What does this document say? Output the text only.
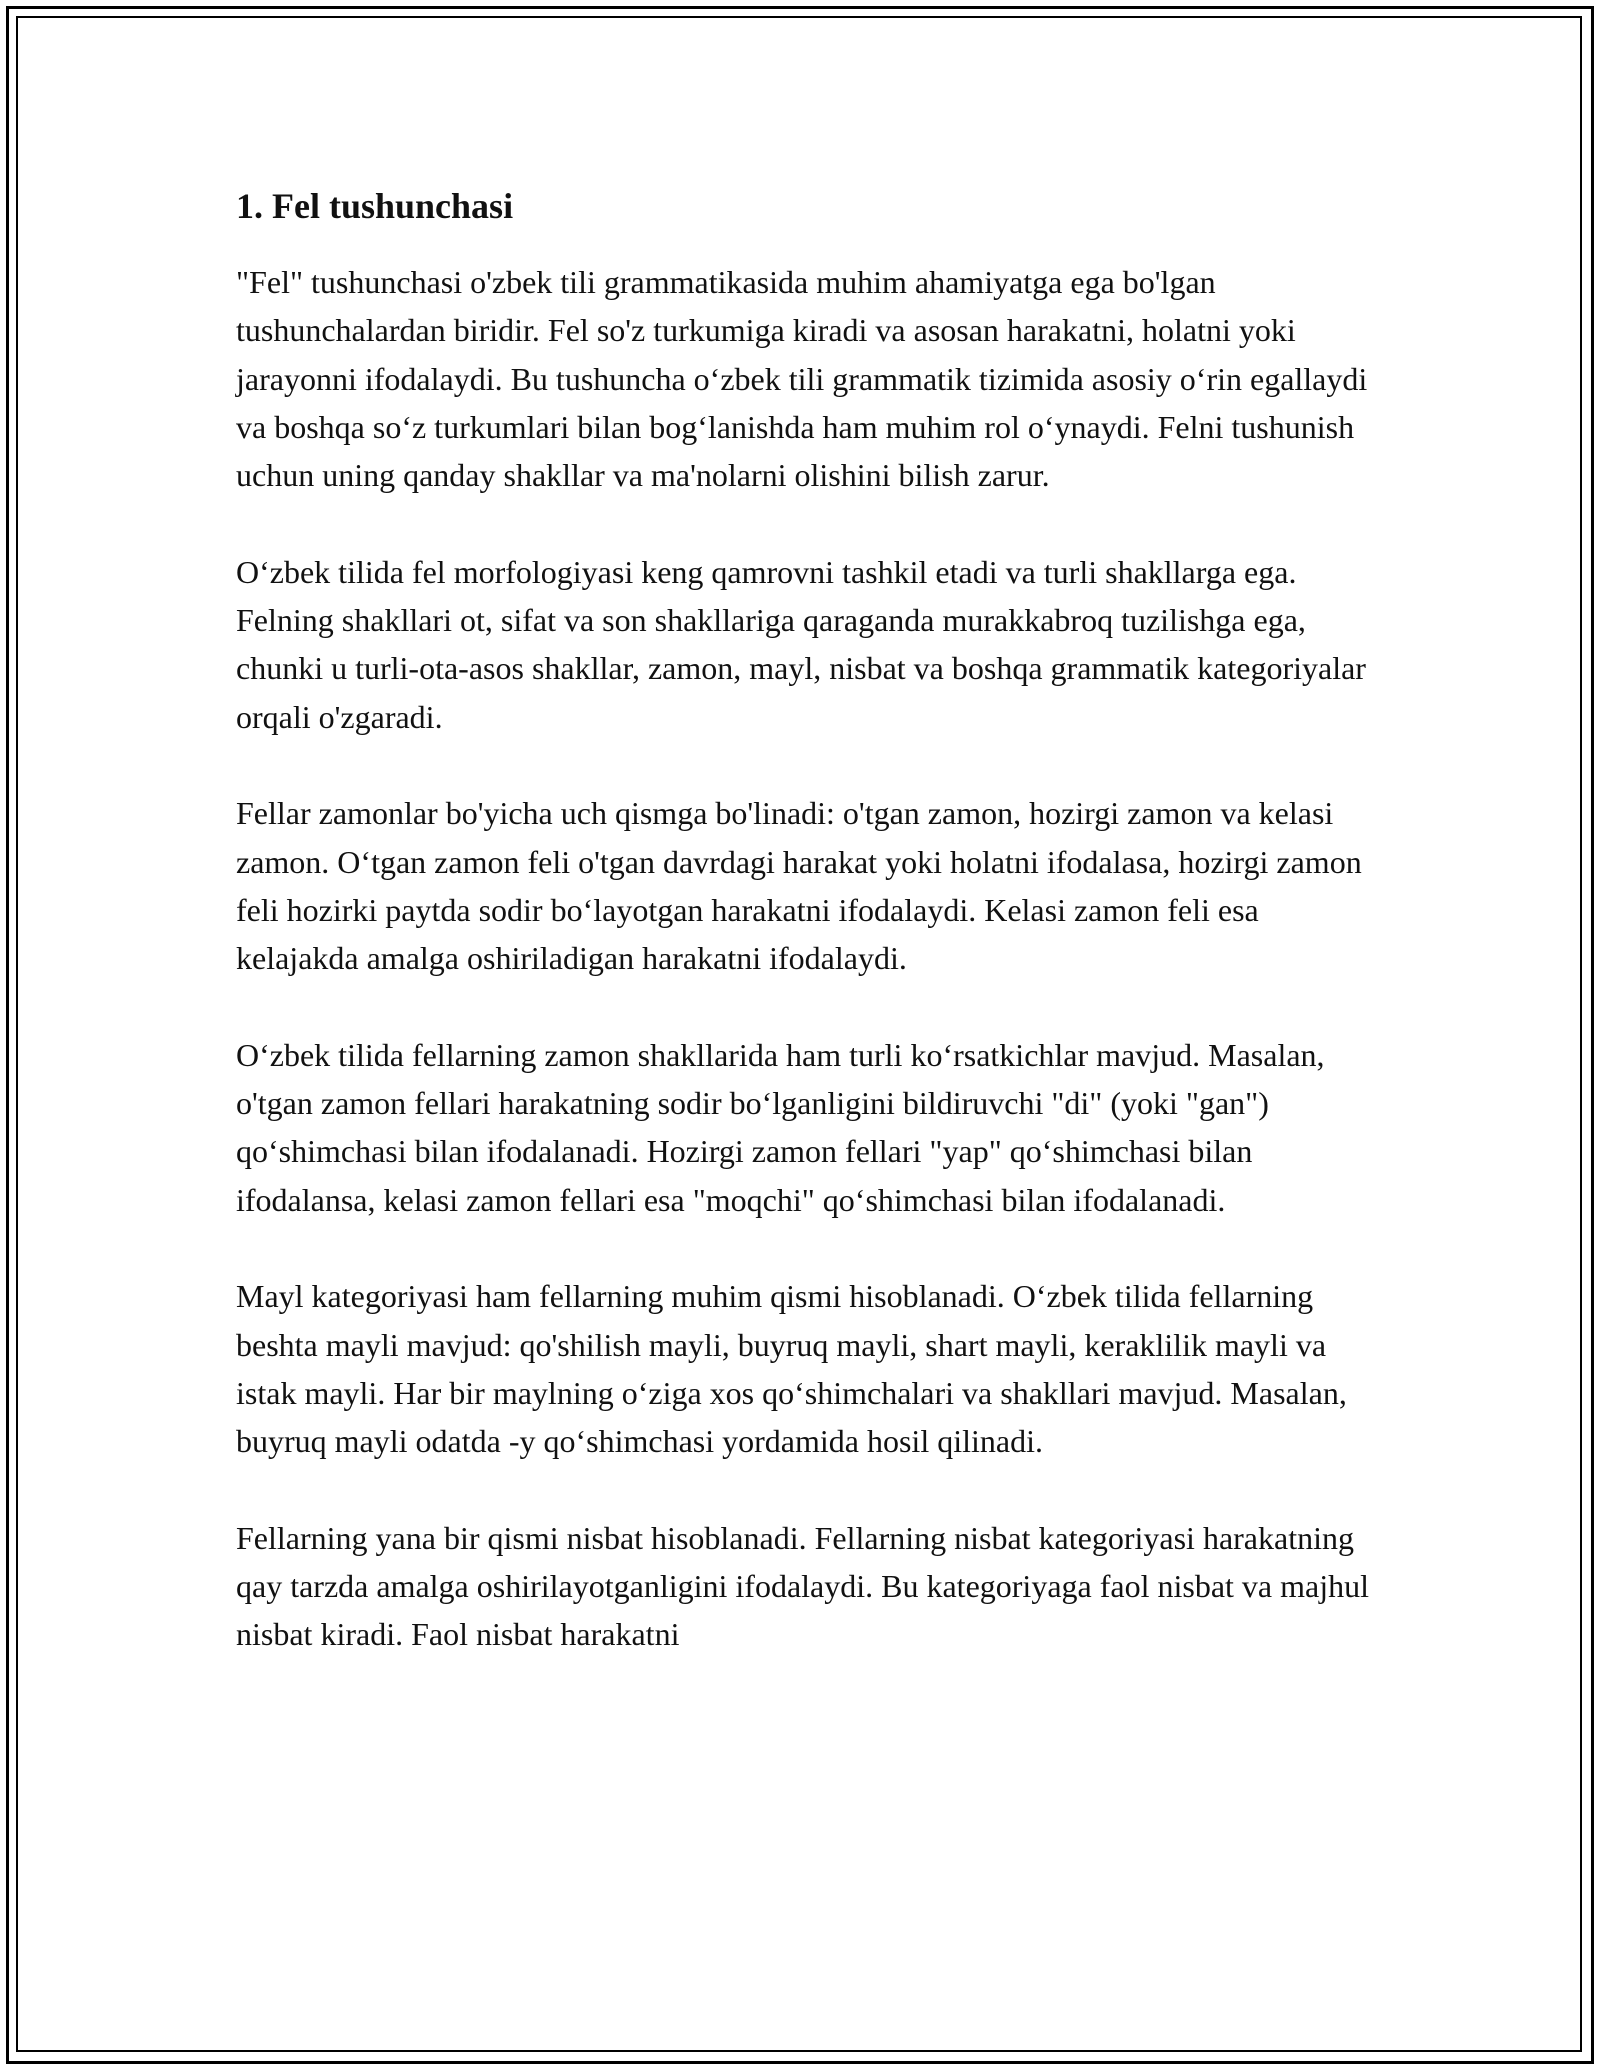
1. Fel tushunchasi

"Fel" tushunchasi o'zbek tili grammatikasida muhim ahamiyatga ega bo'lgan tushunchalardan biridir. Fel so'z turkumiga kiradi va asosan harakatni, holatni yoki jarayonni ifodalaydi. Bu tushuncha o‘zbek tili grammatik tizimida asosiy o‘rin egallaydi va boshqa so‘z turkumlari bilan bog‘lanishda ham muhim rol o‘ynaydi. Felni tushunish uchun uning qanday shakllar va ma'nolarni olishini bilish zarur.

O‘zbek tilida fel morfologiyasi keng qamrovni tashkil etadi va turli shakllarga ega. Felning shakllari ot, sifat va son shakllariga qaraganda murakkabroq tuzilishga ega, chunki u turli-ota-asos shakllar, zamon, mayl, nisbat va boshqa grammatik kategoriyalar orqali o'zgaradi.

Fellar zamonlar bo'yicha uch qismga bo'linadi: o'tgan zamon, hozirgi zamon va kelasi zamon. O‘tgan zamon feli o'tgan davrdagi harakat yoki holatni ifodalasa, hozirgi zamon feli hozirki paytda sodir bo‘layotgan harakatni ifodalaydi. Kelasi zamon feli esa kelajakda amalga oshiriladigan harakatni ifodalaydi.

O‘zbek tilida fellarning zamon shakllarida ham turli ko‘rsatkichlar mavjud. Masalan, o'tgan zamon fellari harakatning sodir bo‘lganligini bildiruvchi "di" (yoki "gan") qo‘shimchasi bilan ifodalanadi. Hozirgi zamon fellari "yap" qo‘shimchasi bilan ifodalansa, kelasi zamon fellari esa "moqchi" qo‘shimchasi bilan ifodalanadi.

Mayl kategoriyasi ham fellarning muhim qismi hisoblanadi. O‘zbek tilida fellarning beshta mayli mavjud: qo'shilish mayli, buyruq mayli, shart mayli, keraklilik mayli va istak mayli. Har bir maylning o‘ziga xos qo‘shimchalari va shakllari mavjud. Masalan, buyruq mayli odatda -y qo‘shimchasi yordamida hosil qilinadi.

Fellarning yana bir qismi nisbat hisoblanadi. Fellarning nisbat kategoriyasi harakatning qay tarzda amalga oshirilayotganligini ifodalaydi. Bu kategoriyaga faol nisbat va majhul nisbat kiradi. Faol nisbat harakatni
